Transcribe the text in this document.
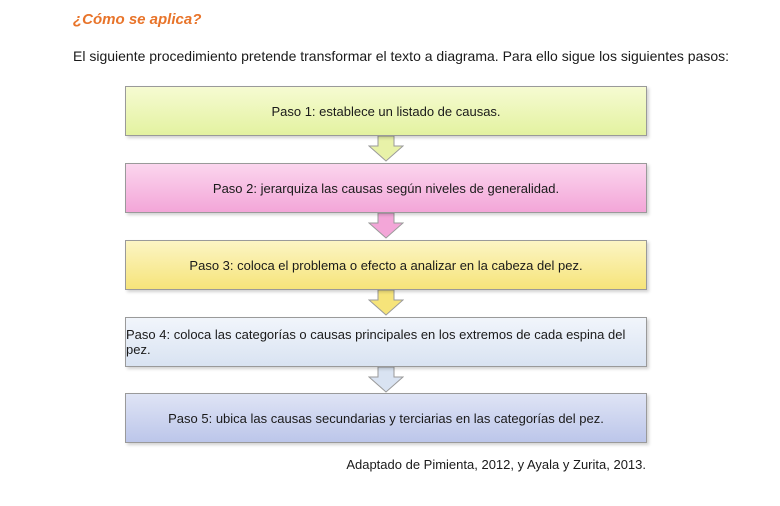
¿Cómo se aplica?
El siguiente procedimiento pretende transformar el texto a diagrama. Para ello sigue los siguientes pasos:
Paso 1: establece un listado de causas.
Paso 2: jerarquiza las causas según niveles de generalidad.
Paso 3: coloca el problema o efecto a analizar en la cabeza del pez.
Paso 4: coloca las categorías o causas principales en los extremos de cada espina del pez.
Paso 5: ubica las causas secundarias y terciarias en las categorías del pez.
Adaptado de Pimienta, 2012, y Ayala y Zurita, 2013.
